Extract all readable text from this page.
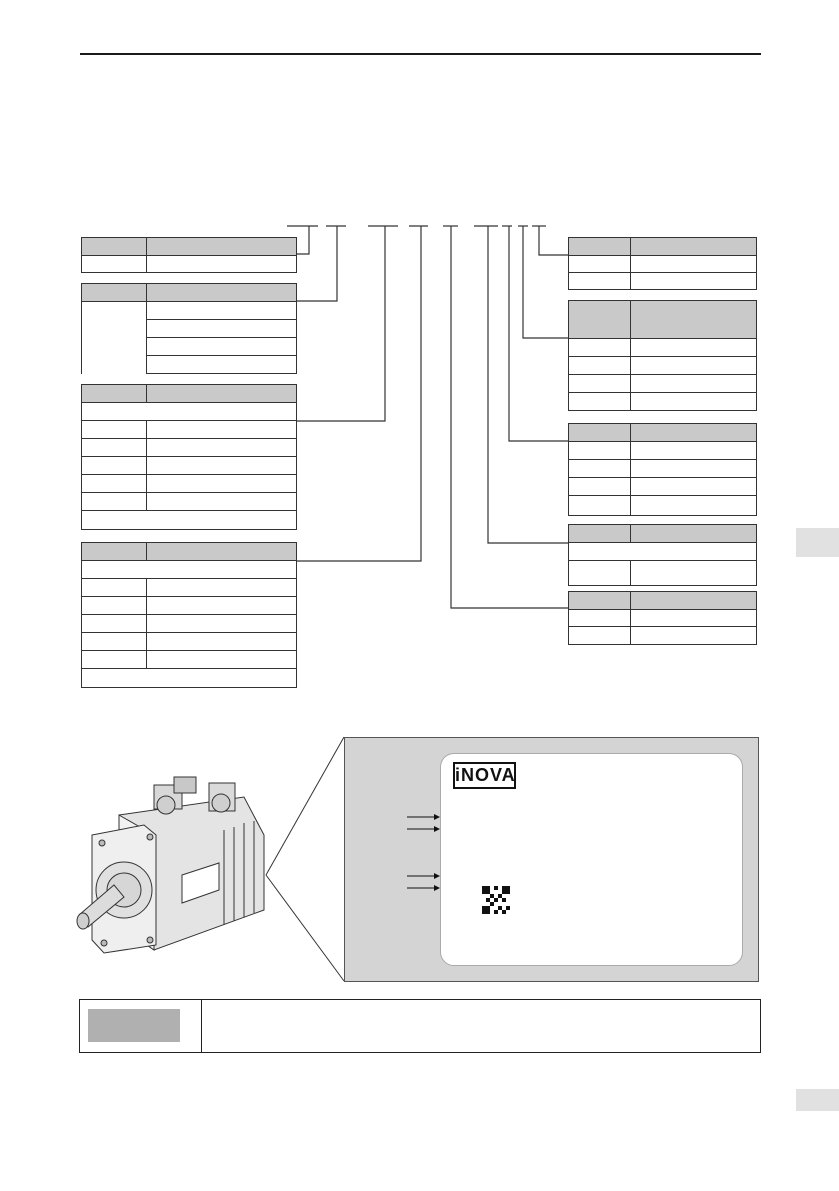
iNOVA
